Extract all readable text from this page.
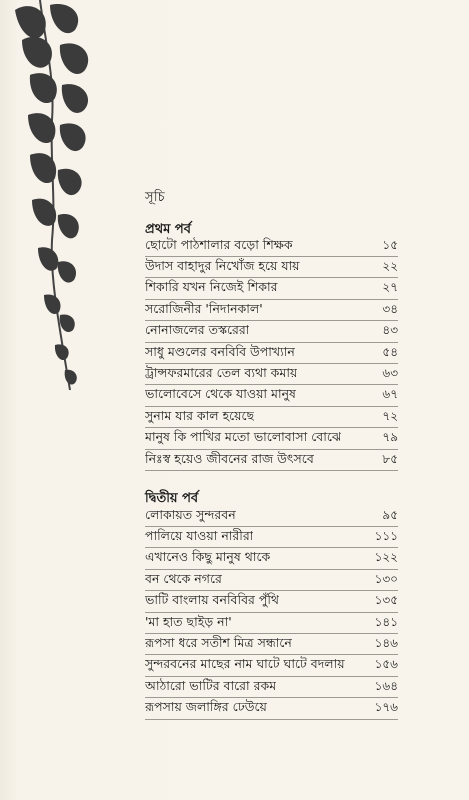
সূচি
প্রথম পর্ব
ছোটো পাঠশালার বড়ো শিক্ষক	১৫
উদাস বাহাদুর নিখোঁজ হয়ে যায়	২২
শিকারি যখন নিজেই শিকার	২৭
সরোজিনীর 'নিদানকাল'	৩৪
নোনাজলের তস্করেরা	৪৩
সাধু মণ্ডলের বনবিবি উপাখ্যান	৫৪
ট্রান্সফরমারের তেল ব্যথা কমায়	৬৩
ভালোবেসে থেকে যাওয়া মানুষ	৬৭
সুনাম যার কাল হয়েছে	৭২
মানুষ কি পাখির মতো ভালোবাসা বোঝে	৭৯
নিঃস্ব হয়েও জীবনের রাজ উৎসবে	৮৫
দ্বিতীয় পর্ব
লোকায়ত সুন্দরবন	৯৫
পালিয়ে যাওয়া নারীরা	১১১
এখানেও কিছু মানুষ থাকে	১২২
বন থেকে নগরে	১৩০
ভাটি বাংলায় বনবিবির পুঁথি	১৩৫
'মা হাত ছাইড় না'	১৪১
রূপসা ধরে সতীশ মিত্র সন্ধানে	১৪৬
সুন্দরবনের মাছের নাম ঘাটে ঘাটে বদলায়	১৫৬
আঠারো ভাটির বারো রকম	১৬৪
রূপসায় জলাঙ্গির ঢেউয়ে	১৭৬
